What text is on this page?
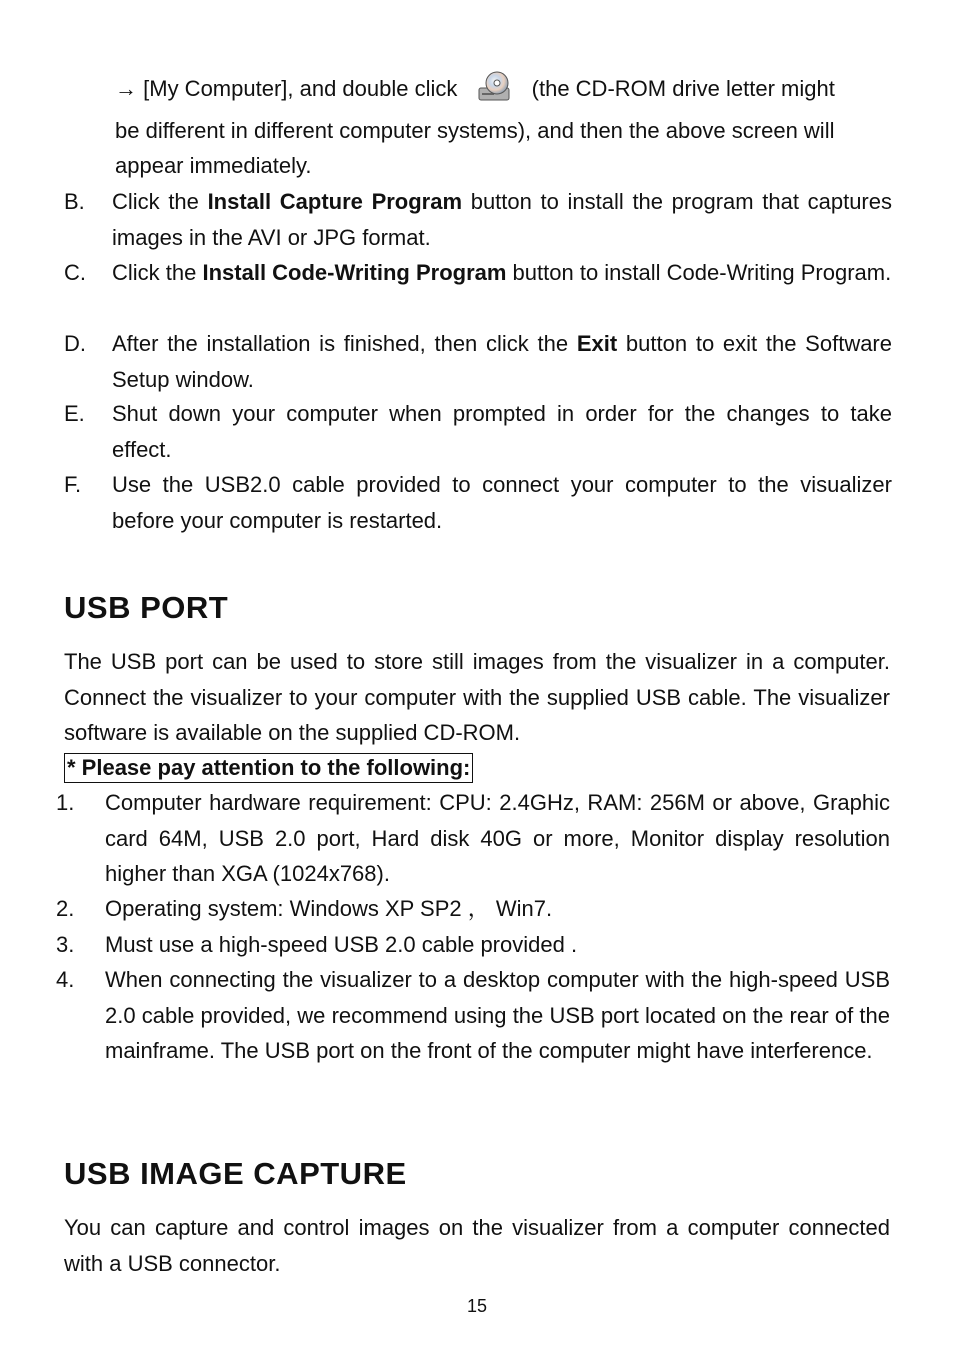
→ [My Computer], and double click	(the CD-ROM drive letter might
be different in different computer systems), and then the above screen will
appear immediately.
B. Click the Install Capture Program button to install the program that captures images in the AVI or JPG format.
C. Click the Install Code-Writing Program button to install Code-Writing Program.
D. After the installation is finished, then click the Exit button to exit the Software Setup window.
E. Shut down your computer when prompted in order for the changes to take effect.
F. Use the USB2.0 cable provided to connect your computer to the visualizer before your computer is restarted.
USB PORT
The USB port can be used to store still images from the visualizer in a computer. Connect the visualizer to your computer with the supplied USB cable. The visualizer software is available on the supplied CD-ROM.
* Please pay attention to the following:
1. Computer hardware requirement: CPU: 2.4GHz, RAM: 256M or above, Graphic card 64M, USB 2.0 port, Hard disk 40G or more, Monitor display resolution higher than XGA (1024x768).
2. Operating system: Windows XP SP2 ， Win7.
3. Must use a high-speed USB 2.0 cable provided .
4. When connecting the visualizer to a desktop computer with the high-speed USB 2.0 cable provided, we recommend using the USB port located on the rear of the mainframe. The USB port on the front of the computer might have interference.
USB IMAGE CAPTURE
You can capture and control images on the visualizer from a computer connected with a USB connector.
15
